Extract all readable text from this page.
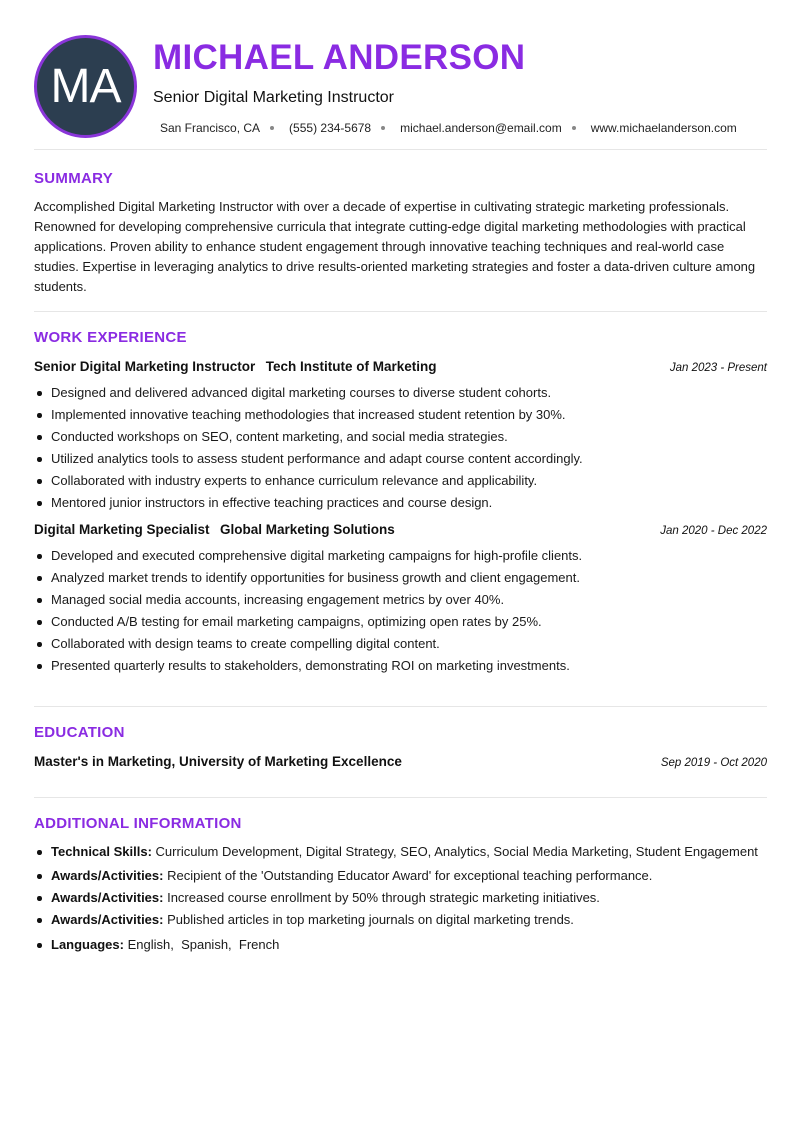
MA
MICHAEL ANDERSON
Senior Digital Marketing Instructor
San Francisco, CA (555) 234-5678 michael.anderson@email.com www.michaelanderson.com
SUMMARY

Accomplished Digital Marketing Instructor with over a decade of expertise in cultivating strategic marketing professionals. Renowned for developing comprehensive curricula that integrate cutting-edge digital marketing methodologies with practical applications. Proven ability to enhance student engagement through innovative teaching techniques and real-world case studies. Expertise in leveraging analytics to drive results-oriented marketing strategies and foster a data-driven culture among students.

WORK EXPERIENCE
Senior Digital Marketing Instructor Tech Institute of Marketing	Jan 2023 - Present
Designed and delivered advanced digital marketing courses to diverse student cohorts.
Implemented innovative teaching methodologies that increased student retention by 30%.
Conducted workshops on SEO, content marketing, and social media strategies.
Utilized analytics tools to assess student performance and adapt course content accordingly.
Collaborated with industry experts to enhance curriculum relevance and applicability.
Mentored junior instructors in effective teaching practices and course design.
Digital Marketing Specialist Global Marketing Solutions	Jan 2020 - Dec 2022
Developed and executed comprehensive digital marketing campaigns for high-profile clients.
Analyzed market trends to identify opportunities for business growth and client engagement.
Managed social media accounts, increasing engagement metrics by over 40%.
Conducted A/B testing for email marketing campaigns, optimizing open rates by 25%.
Collaborated with design teams to create compelling digital content.
Presented quarterly results to stakeholders, demonstrating ROI on marketing investments.
EDUCATION
Master's in Marketing, University of Marketing Excellence	Sep 2019 - Oct 2020
ADDITIONAL INFORMATION
Technical Skills: Curriculum Development, Digital Strategy, SEO, Analytics, Social Media Marketing, Student Engagement
Awards/Activities: Recipient of the 'Outstanding Educator Award' for exceptional teaching performance.
Awards/Activities: Increased course enrollment by 50% through strategic marketing initiatives.
Awards/Activities: Published articles in top marketing journals on digital marketing trends.
Languages: English,  Spanish,  French
